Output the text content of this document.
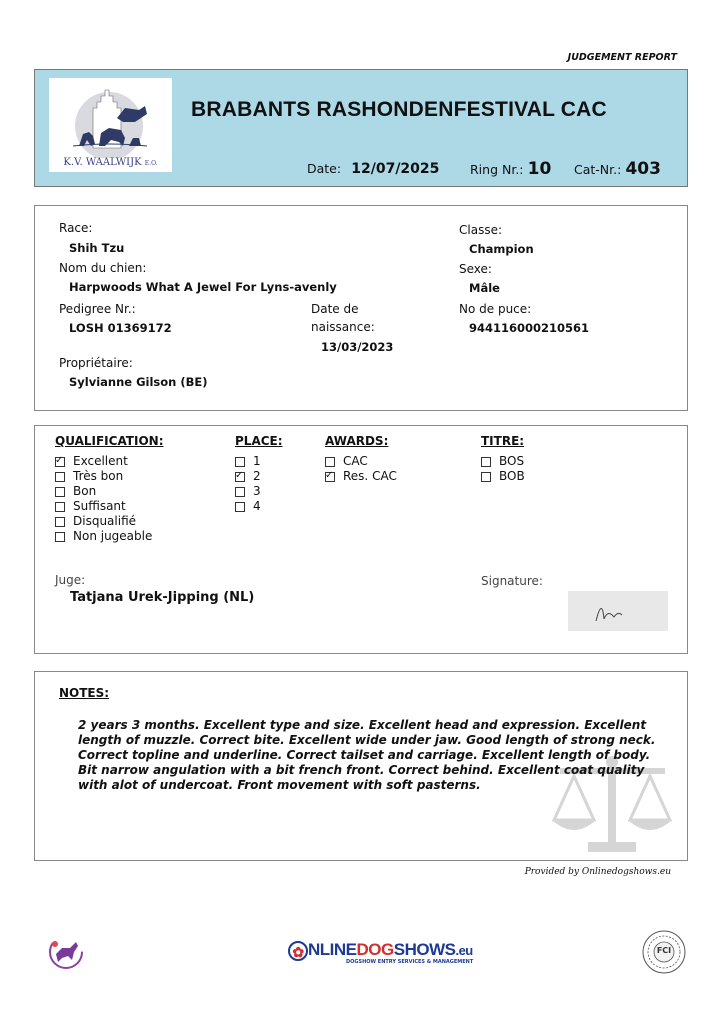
JUDGEMENT REPORT
K.V. WAALWIJK E.O.
BRABANTS RASHONDENFESTIVAL CAC
Date: 12/07/2025 Ring Nr.: 10 Cat-Nr.: 403
Race:
Shih Tzu
Nom du chien:
Harpwoods What A Jewel For Lyns-avenly
Pedigree Nr.:
LOSH 01369172
Date de
naissance:
13/03/2023
Propriétaire:
Sylvianne Gilson (BE)
Classe:
Champion
Sexe:
Mâle
No de puce:
944116000210561
QUALIFICATION:
✓
Excellent
Très bon
Bon
Suffisant
Disqualifié
Non jugeable
PLACE:
1
✓
2
3
4
AWARDS:
CAC
✓
Res. CAC
TITRE:
BOS
BOB
Juge:
Tatjana Urek-Jipping (NL)
Signature:
NOTES:
2 years 3 months. Excellent type and size. Excellent head and expression. Excellent length of muzzle. Correct bite. Excellent wide under jaw. Good length of strong neck. Correct topline and underline. Correct tailset and carriage. Excellent length of body. Bit narrow angulation with a bit french front. Correct behind. Excellent coat quality with alot of undercoat. Front movement with soft pasterns.
Provided by Onlinedogshows.eu
✿ NLINEDOGSHOWS.eu
DOGSHOW ENTRY SERVICES & MANAGEMENT
FCI
